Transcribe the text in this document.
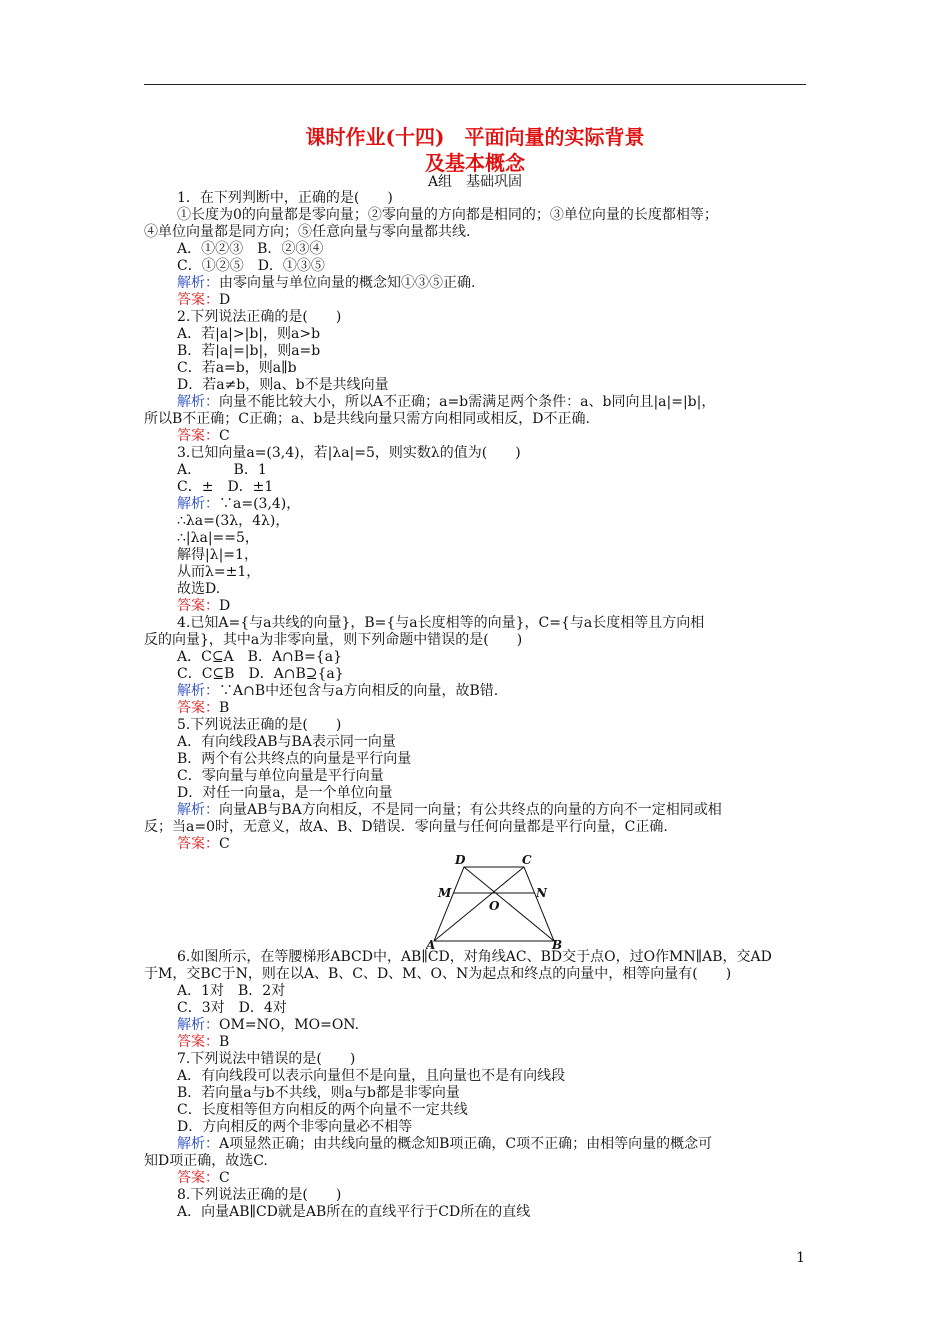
课时作业(十四)　平面向量的实际背景
及基本概念
A组　基础巩固
1．在下列判断中，正确的是(　　)
①长度为0的向量都是零向量；②零向量的方向都是相同的；③单位向量的长度都相等；
④单位向量都是同方向；⑤任意向量与零向量都共线.
A．①②③　B．②③④
C．①②⑤　D．①③⑤
解析：由零向量与单位向量的概念知①③⑤正确.
答案：D
2.下列说法正确的是(　　)
A．若|a|>|b|，则a>b
B．若|a|=|b|，则a=b
C．若a=b，则a∥b
D．若a≠b，则a、b不是共线向量
解析：向量不能比较大小，所以A不正确；a=b需满足两个条件：a、b同向且|a|=|b|，
所以B不正确；C正确；a、b是共线向量只需方向相同或相反，D不正确.
答案：C
3.已知向量a=(3,4)，若|λa|=5，则实数λ的值为(　　)
A.　　　B．1
C．±　D．±1
解析：∵a=(3,4)，
∴λa=(3λ，4λ)，
∴|λa|==5，
解得|λ|=1，
从而λ=±1，
故选D.
答案：D
4.已知A={与a共线的向量}，B={与a长度相等的向量}，C={与a长度相等且方向相
反的向量}，其中a为非零向量，则下列命题中错误的是(　　)
A．C⊆A　B．A∩B={a}
C．C⊆B　D．A∩B⊇{a}
解析：∵A∩B中还包含与a方向相反的向量，故B错.
答案：B
5.下列说法正确的是(　　)
A．有向线段AB与BA表示同一向量
B．两个有公共终点的向量是平行向量
C．零向量与单位向量是平行向量
D．对任一向量a，是一个单位向量
解析：向量AB与BA方向相反，不是同一向量；有公共终点的向量的方向不一定相同或相
反；当a=0时，无意义，故A、B、D错误．零向量与任何向量都是平行向量，C正确.
答案：C
D	C
M	N
O
A	B
6.如图所示，在等腰梯形ABCD中，AB∥CD，对角线AC、BD交于点O，过O作MN∥AB，交AD
于M，交BC于N，则在以A、B、C、D、M、O、N为起点和终点的向量中，相等向量有(　　)
A．1对　B．2对
C．3对　D．4对
解析：OM=NO，MO=ON.
答案：B
7.下列说法中错误的是(　　)
A．有向线段可以表示向量但不是向量，且向量也不是有向线段
B．若向量a与b不共线，则a与b都是非零向量
C．长度相等但方向相反的两个向量不一定共线
D．方向相反的两个非零向量必不相等
解析：A项显然正确；由共线向量的概念知B项正确，C项不正确；由相等向量的概念可
知D项正确，故选C.
答案：C
8.下列说法正确的是(　　)
A．向量AB∥CD就是AB所在的直线平行于CD所在的直线
1
